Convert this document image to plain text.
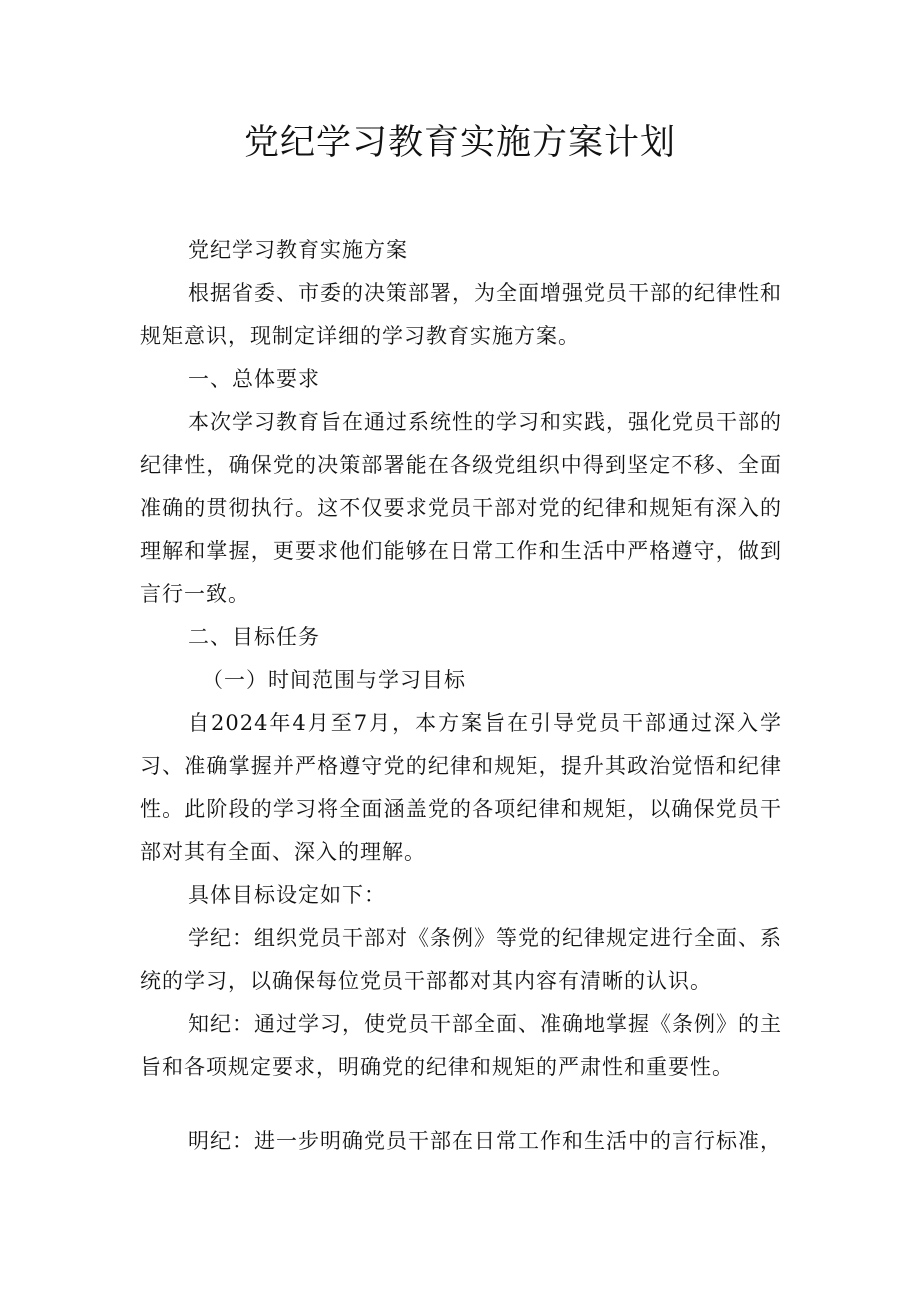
党纪学习教育实施方案计划

党纪学习教育实施方案

根据省委、市委的决策部署，为全面增强党员干部的纪律性和规矩意识，现制定详细的学习教育实施方案。

一、总体要求

本次学习教育旨在通过系统性的学习和实践，强化党员干部的纪律性，确保党的决策部署能在各级党组织中得到坚定不移、全面准确的贯彻执行。这不仅要求党员干部对党的纪律和规矩有深入的理解和掌握，更要求他们能够在日常工作和生活中严格遵守，做到言行一致。

二、目标任务

（一）时间范围与学习目标

自2024年4月至7月，本方案旨在引导党员干部通过深入学习、准确掌握并严格遵守党的纪律和规矩，提升其政治觉悟和纪律性。此阶段的学习将全面涵盖党的各项纪律和规矩，以确保党员干部对其有全面、深入的理解。

具体目标设定如下：

学纪：组织党员干部对《条例》等党的纪律规定进行全面、系统的学习，以确保每位党员干部都对其内容有清晰的认识。

知纪：通过学习，使党员干部全面、准确地掌握《条例》的主旨和各项规定要求，明确党的纪律和规矩的严肃性和重要性。

明纪：进一步明确党员干部在日常工作和生活中的言行标准，
